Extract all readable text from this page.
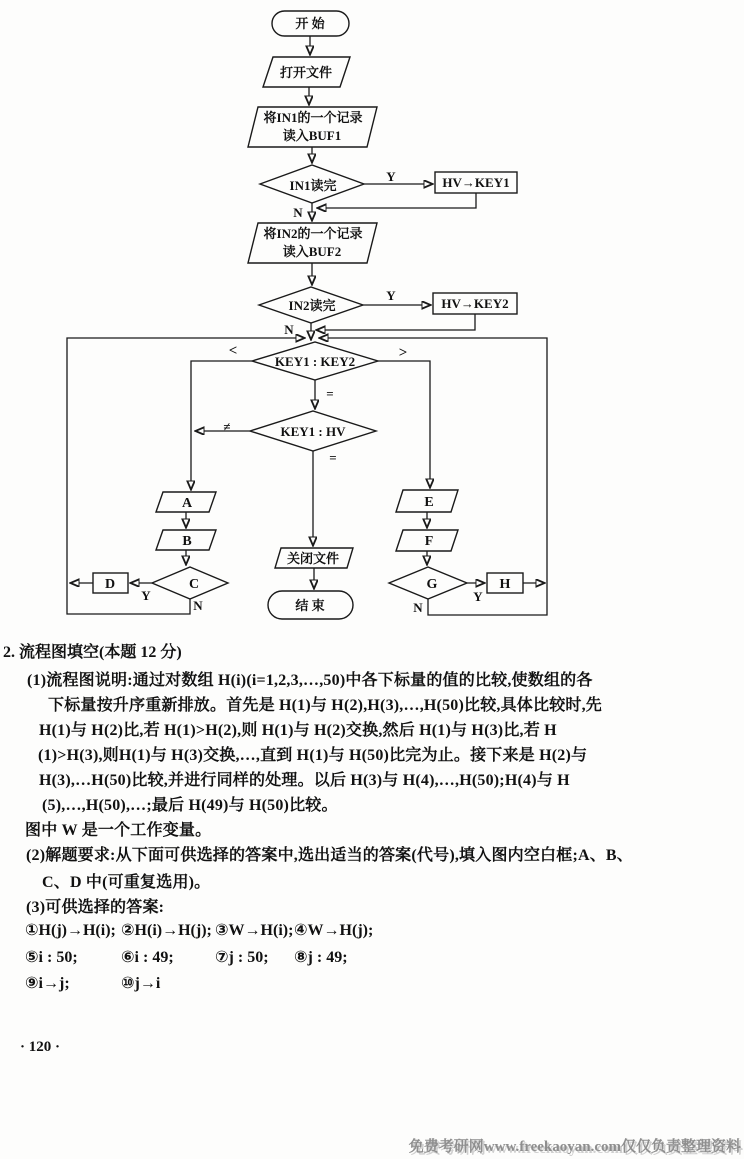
开 始
打开文件
将IN1的一个记录
读入BUF1
IN1读完	HV→KEY1
将IN2的一个记录
读入BUF2
IN2读完	HV→KEY2
KEY1 : KEY2
KEY1 : HV
A
B
C
D
关闭文件
结 束
E
F
G	H
Y
N
Y
N
<	>
=
≠
=
Y
N
Y
N
2. 流程图填空(本题 12 分)
(1)流程图说明:通过对数组 H(i)(i=1,2,3,…,50)中各下标量的值的比较,使数组的各
下标量按升序重新排放。首先是 H(1)与 H(2),H(3),…,H(50)比较,具体比较时,先
H(1)与 H(2)比,若 H(1)>H(2),则 H(1)与 H(2)交换,然后 H(1)与 H(3)比,若 H
(1)>H(3),则H(1)与 H(3)交换,…,直到 H(1)与 H(50)比完为止。接下来是 H(2)与
H(3),…H(50)比较,并进行同样的处理。以后 H(3)与 H(4),…,H(50);H(4)与 H
(5),…,H(50),…;最后 H(49)与 H(50)比较。
图中 W 是一个工作变量。
(2)解题要求:从下面可供选择的答案中,选出适当的答案(代号),填入图内空白框;A、B、
C、D 中(可重复选用)。
(3)可供选择的答案:
①H(j)→H(i); ②H(i)→H(j); ③W→H(i); ④W→H(j);
⑤i : 50;	⑥i : 49;	⑦j : 50; ⑧j : 49;
⑨i→j;	⑩j→i
· 120 ·
免费考研网www.freekaoyan.com仅仅负责整理资料
